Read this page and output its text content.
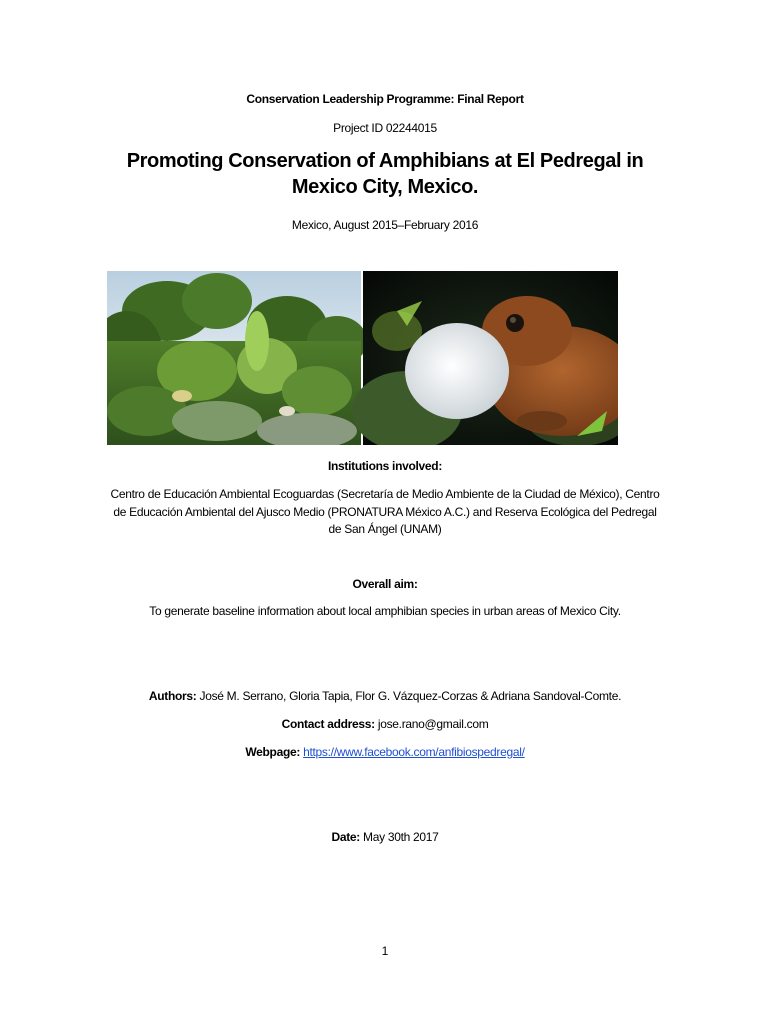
Conservation Leadership Programme: Final Report
Project ID 02244015
Promoting Conservation of Amphibians at El Pedregal in
Mexico City, Mexico.
Mexico, August 2015–February 2016
Institutions involved:
Centro de Educación Ambiental Ecoguardas (Secretaría de Medio Ambiente de la Ciudad de México), Centro
de Educación Ambiental del Ajusco Medio (PRONATURA México A.C.) and Reserva Ecológica del Pedregal
de San Ángel (UNAM)
Overall aim:
To generate baseline information about local amphibian species in urban areas of Mexico City.
Authors: José M. Serrano, Gloria Tapia, Flor G. Vázquez-Corzas & Adriana Sandoval-Comte.
Contact address: jose.rano@gmail.com
Webpage: https://www.facebook.com/anfibiospedregal/
Date: May 30th 2017
1
